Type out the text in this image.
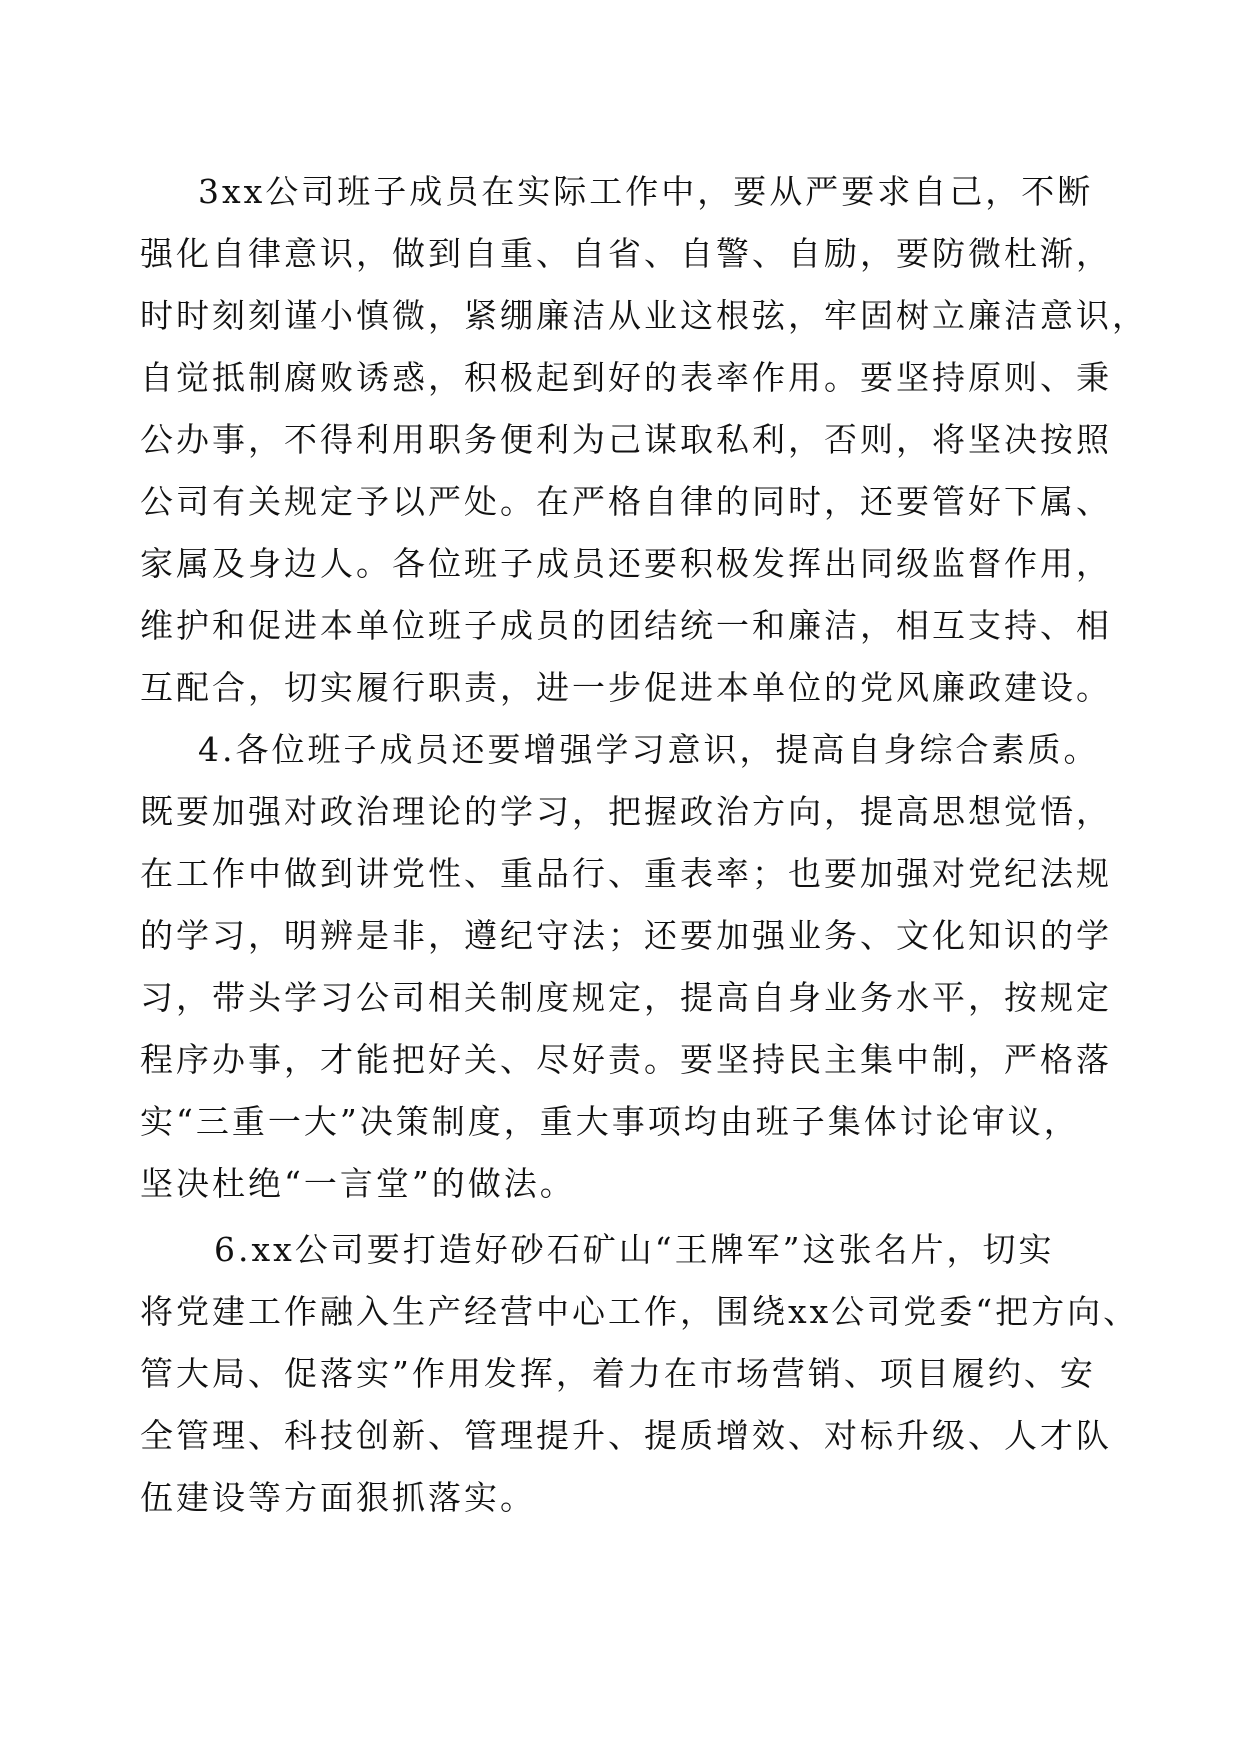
3xx公司班子成员在实际工作中，要从严要求自己，不断

强化自律意识，做到自重、自省、自警、自励，要防微杜渐，

时时刻刻谨小慎微，紧绷廉洁从业这根弦，牢固树立廉洁意识，

自觉抵制腐败诱惑，积极起到好的表率作用。要坚持原则、秉

公办事，不得利用职务便利为己谋取私利，否则，将坚决按照

公司有关规定予以严处。在严格自律的同时，还要管好下属、

家属及身边人。各位班子成员还要积极发挥出同级监督作用，

维护和促进本单位班子成员的团结统一和廉洁，相互支持、相

互配合，切实履行职责，进一步促进本单位的党风廉政建设。

4.各位班子成员还要增强学习意识，提高自身综合素质。

既要加强对政治理论的学习，把握政治方向，提高思想觉悟，

在工作中做到讲党性、重品行、重表率；也要加强对党纪法规

的学习，明辨是非，遵纪守法；还要加强业务、文化知识的学

习，带头学习公司相关制度规定，提高自身业务水平，按规定

程序办事，才能把好关、尽好责。要坚持民主集中制，严格落

实“三重一大”决策制度，重大事项均由班子集体讨论审议，

坚决杜绝“一言堂”的做法。

6.xx公司要打造好砂石矿山“王牌军”这张名片，切实

将党建工作融入生产经营中心工作，围绕xx公司党委“把方向、

管大局、促落实”作用发挥，着力在市场营销、项目履约、安

全管理、科技创新、管理提升、提质增效、对标升级、人才队

伍建设等方面狠抓落实。
